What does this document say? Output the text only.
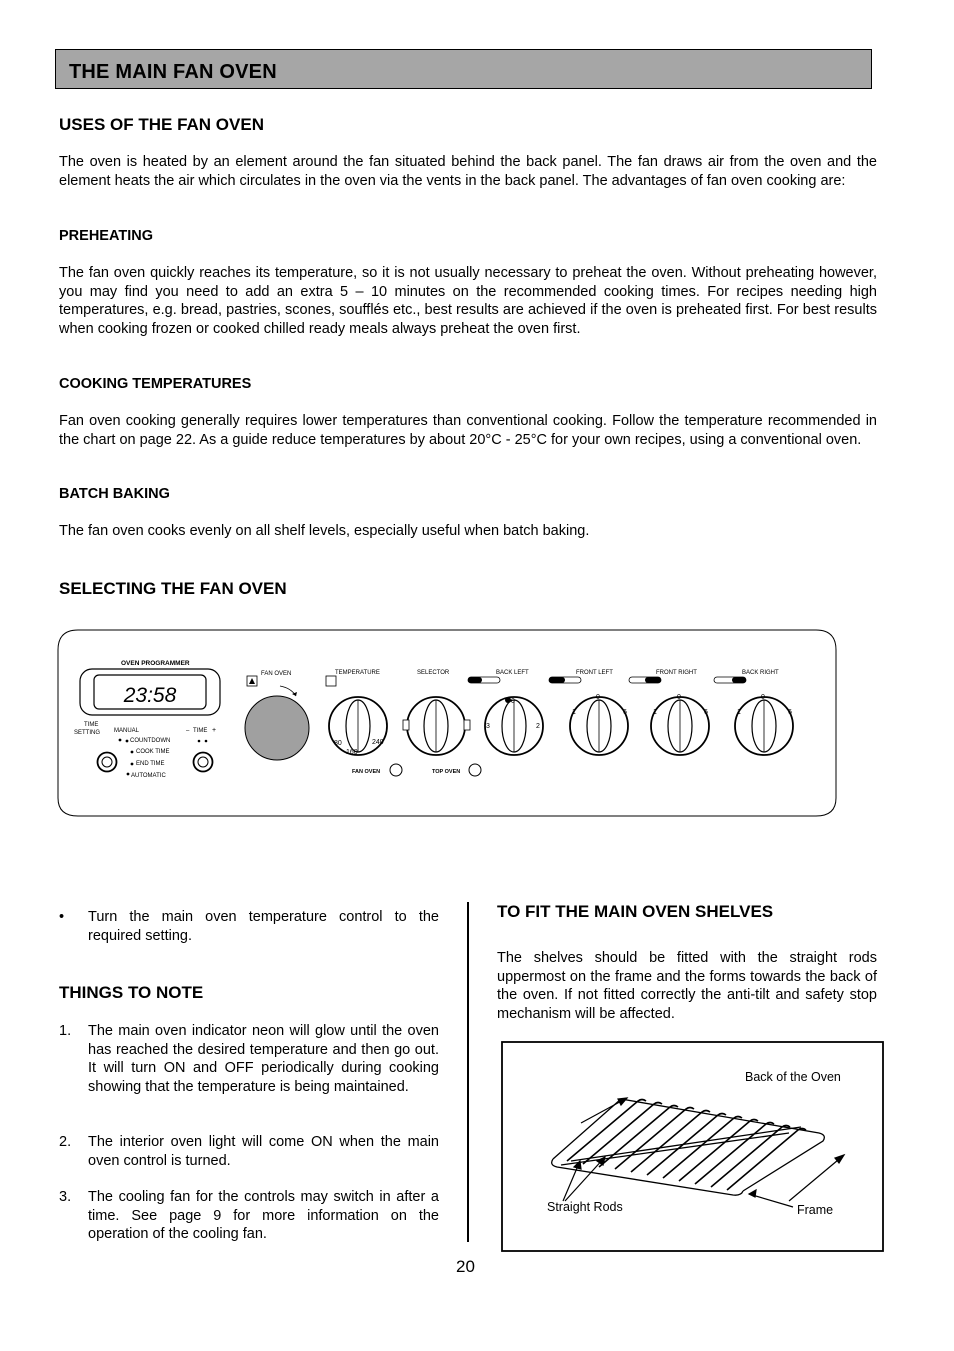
THE MAIN FAN OVEN
USES OF THE FAN OVEN

The oven is heated by an element around the fan situated behind the back panel. The fan draws air from the oven and the element heats the air which circulates in the oven via the vents in the back panel. The advantages of fan oven cooking are:

PREHEATING

The fan oven quickly reaches its temperature, so it is not usually necessary to preheat the oven. Without preheating however, you may find you need to add an extra 5 – 10 minutes on the recommended cooking times. For recipes needing high temperatures, e.g. bread, pastries, scones, soufflés etc., best results are achieved if the oven is preheated first. For best results when cooking frozen or cooked chilled ready meals always preheat the oven first.

COOKING TEMPERATURES

Fan oven cooking generally requires lower temperatures than conventional cooking. Follow the temperature recommended in the chart on page 22. As a guide reduce temperatures by about 20°C - 25°C for your own recipes, using a conventional oven.

BATCH BAKING

The fan oven cooks evenly on all shelf levels, especially useful when batch baking.

SELECTING THE FAN OVEN
OVEN PROGRAMMER
23:58
TIME
SETTING MANUAL
COUNTDOWN
COOK TIME
END TIME
AUTOMATIC
– TIME +
FAN OVEN	TEMPERATURE
80
160
240
FAN OVEN
SELECTOR
TOP OVEN
BACK LEFT
0
3	2
FRONT LEFT
0
1	6
FRONT RIGHT
0
1	6
BACK RIGHT
0
1	6
• Turn the main oven temperature control to the required setting.
THINGS TO NOTE
1. The main oven indicator neon will glow until the oven has reached the desired temperature and then go out. It will turn ON and OFF periodically during cooking showing that the temperature is being maintained.
2. The interior oven light will come ON when the main oven control is turned.
3. The cooling fan for the controls may switch in after a time. See page 9 for more information on the operation of the cooling fan.
TO FIT THE MAIN OVEN SHELVES

The shelves should be fitted with the straight rods uppermost on the frame and the forms towards the back of the oven. If not fitted correctly the anti-tilt and safety stop mechanism will be affected.

Back of the Oven
Straight Rods	Frame
20
